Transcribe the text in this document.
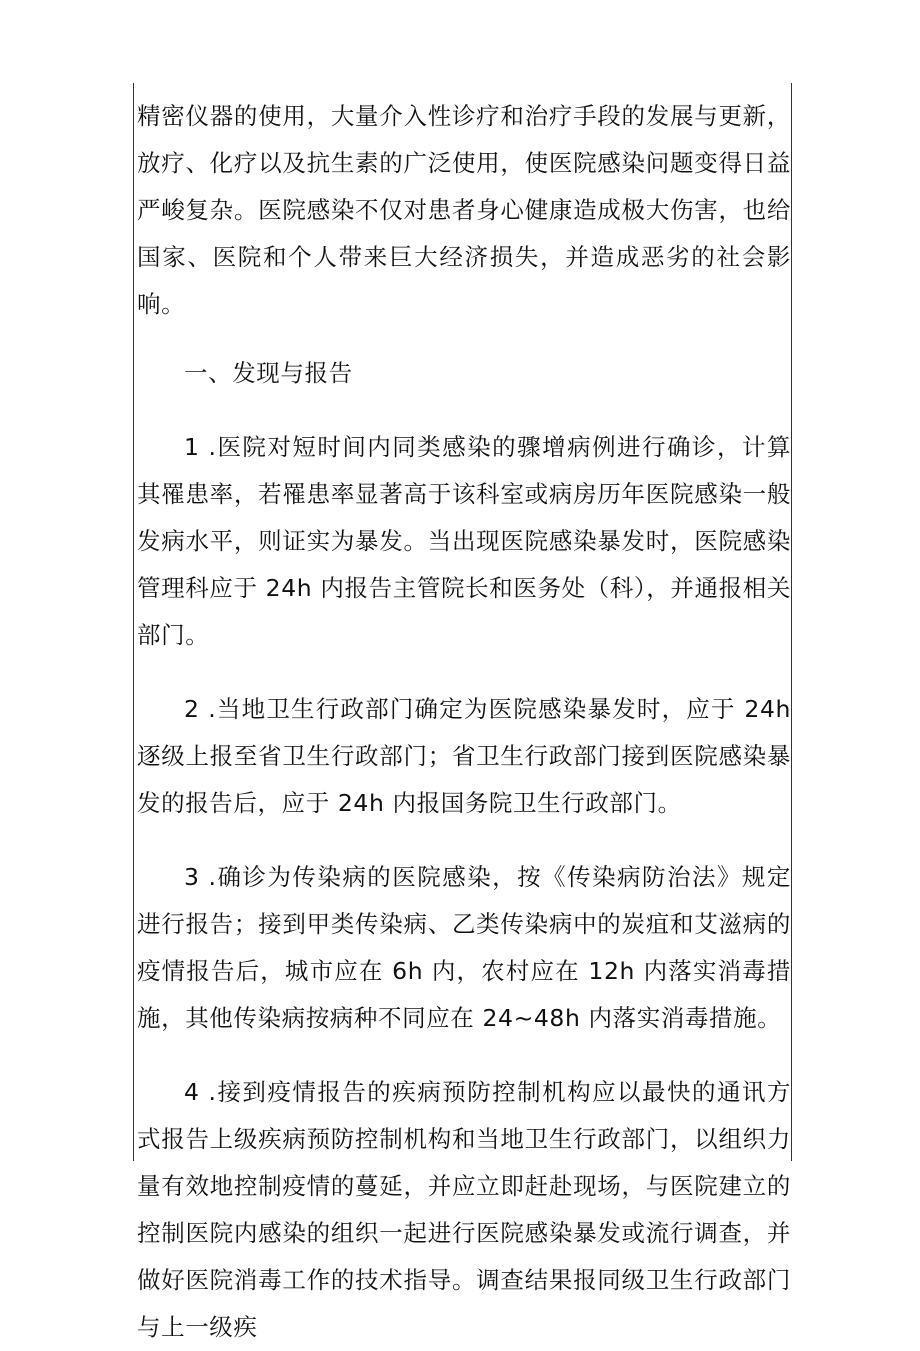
精密仪器的使用，大量介入性诊疗和治疗手段的发展与更新，放疗、化疗以及抗生素的广泛使用，使医院感染问题变得日益严峻复杂。医院感染不仅对患者身心健康造成极大伤害，也给国家、医院和个人带来巨大经济损失，并造成恶劣的社会影响。

一、发现与报告

1 .医院对短时间内同类感染的骤增病例进行确诊，计算其罹患率，若罹患率显著高于该科室或病房历年医院感染一般发病水平，则证实为暴发。当出现医院感染暴发时，医院感染管理科应于 24h 内报告主管院长和医务处（科），并通报相关部门。

2 .当地卫生行政部门确定为医院感染暴发时，应于 24h 逐级上报至省卫生行政部门；省卫生行政部门接到医院感染暴发的报告后，应于 24h 内报国务院卫生行政部门。

3 .确诊为传染病的医院感染，按《传染病防治法》规定进行报告；接到甲类传染病、乙类传染病中的炭疽和艾滋病的疫情报告后，城市应在 6h 内，农村应在 12h 内落实消毒措施，其他传染病按病种不同应在 24~48h 内落实消毒措施。

4 .接到疫情报告的疾病预防控制机构应以最快的通讯方式报告上级疾病预防控制机构和当地卫生行政部门，以组织力量有效地控制疫情的蔓延，并应立即赶赴现场，与医院建立的控制医院内感染的组织一起进行医院感染暴发或流行调查，并做好医院消毒工作的技术指导。调查结果报同级卫生行政部门与上一级疾
